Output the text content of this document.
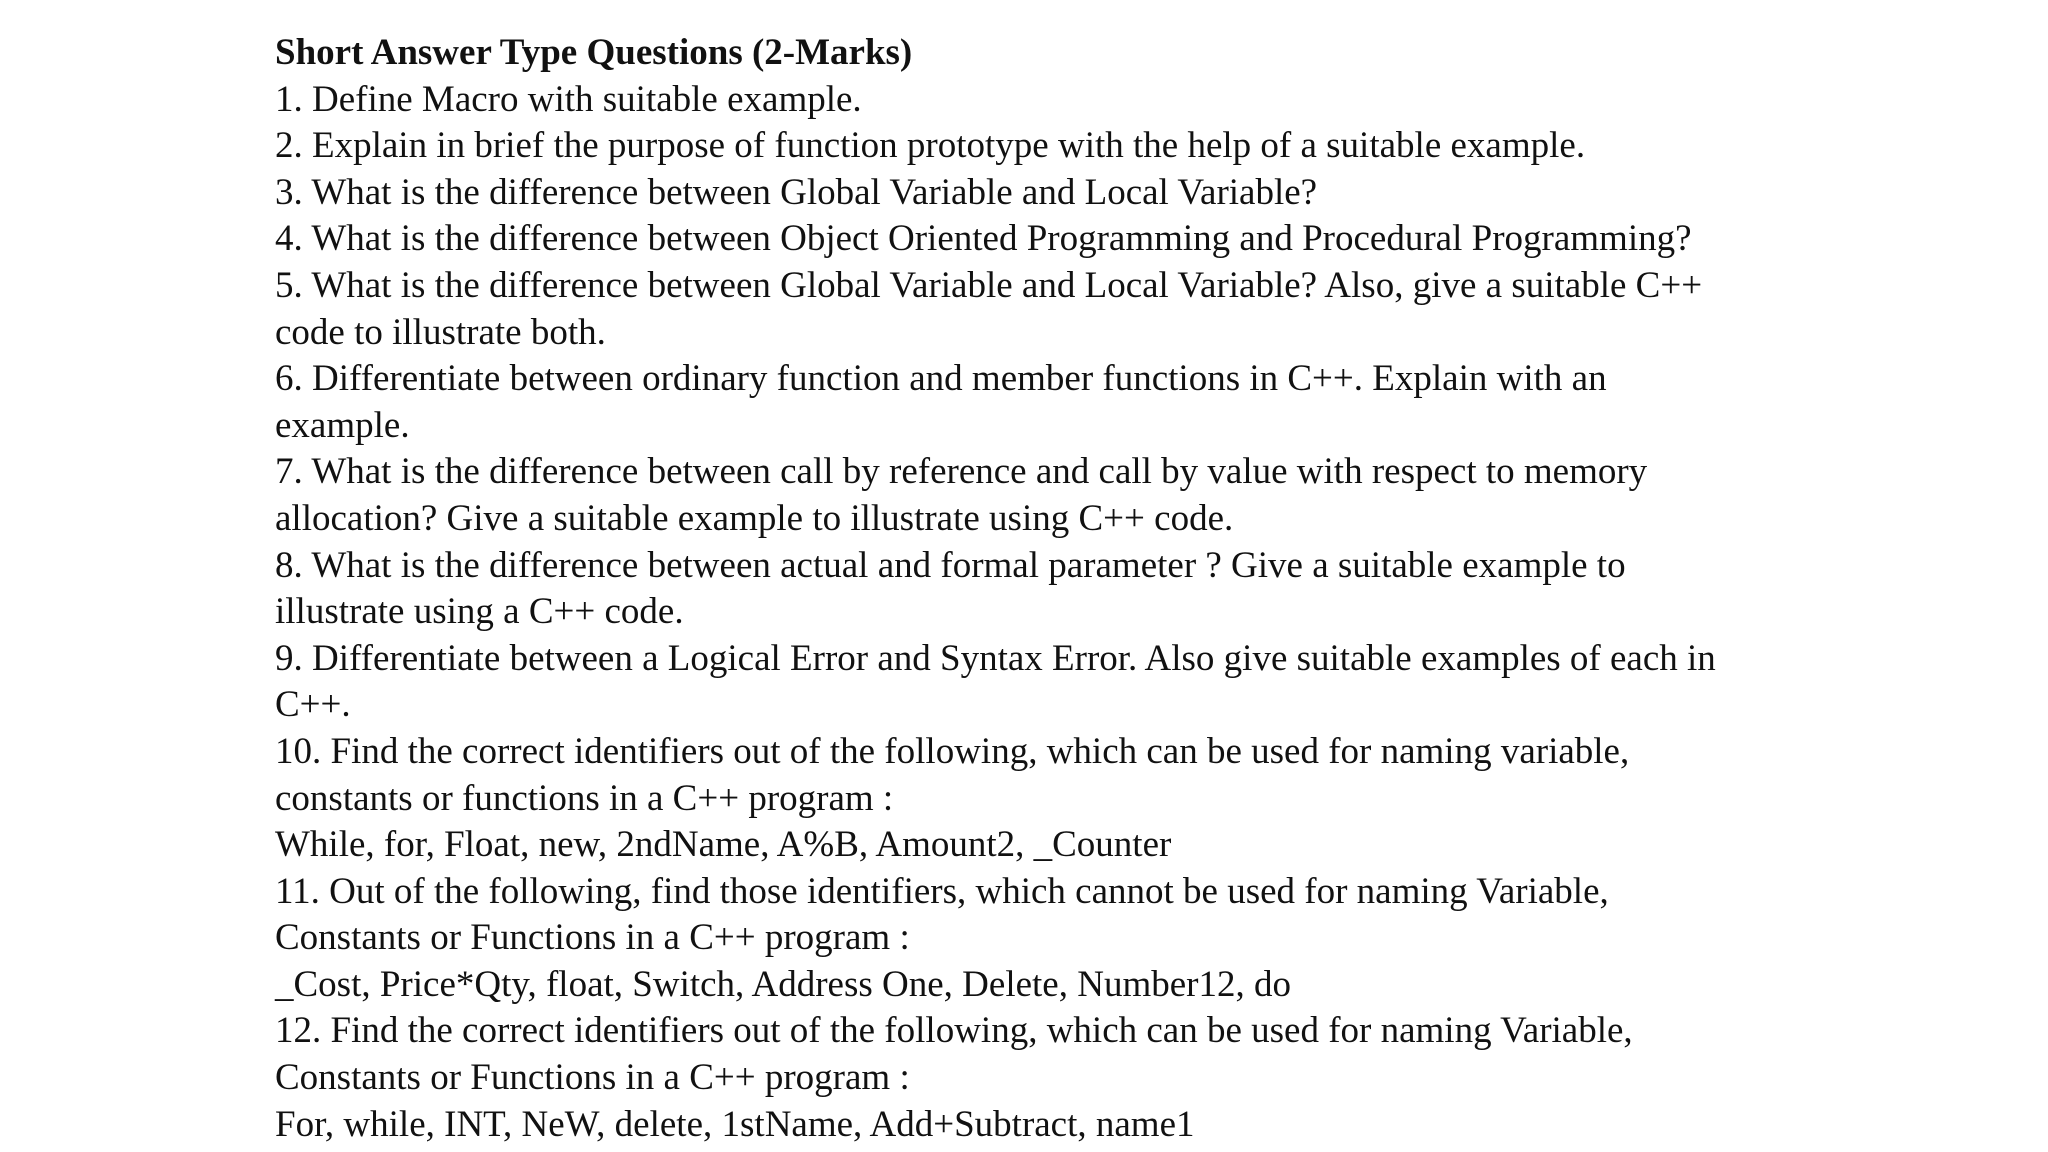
Short Answer Type Questions (2-Marks)

1. Define Macro with suitable example.

2. Explain in brief the purpose of function prototype with the help of a suitable example.

3. What is the difference between Global Variable and Local Variable?

4. What is the difference between Object Oriented Programming and Procedural Programming?

5. What is the difference between Global Variable and Local Variable? Also, give a suitable C++

code to illustrate both.

6. Differentiate between ordinary function and member functions in C++. Explain with an

example.

7. What is the difference between call by reference and call by value with respect to memory

allocation? Give a suitable example to illustrate using C++ code.

8. What is the difference between actual and formal parameter ? Give a suitable example to

illustrate using a C++ code.

9. Differentiate between a Logical Error and Syntax Error. Also give suitable examples of each in

C++.

10. Find the correct identifiers out of the following, which can be used for naming variable,

constants or functions in a C++ program :

While, for, Float, new, 2ndName, A%B, Amount2, _Counter

11. Out of the following, find those identifiers, which cannot be used for naming Variable,

Constants or Functions in a C++ program :

_Cost, Price*Qty, float, Switch, Address One, Delete, Number12, do

12. Find the correct identifiers out of the following, which can be used for naming Variable,

Constants or Functions in a C++ program :

For, while, INT, NeW, delete, 1stName, Add+Subtract, name1
